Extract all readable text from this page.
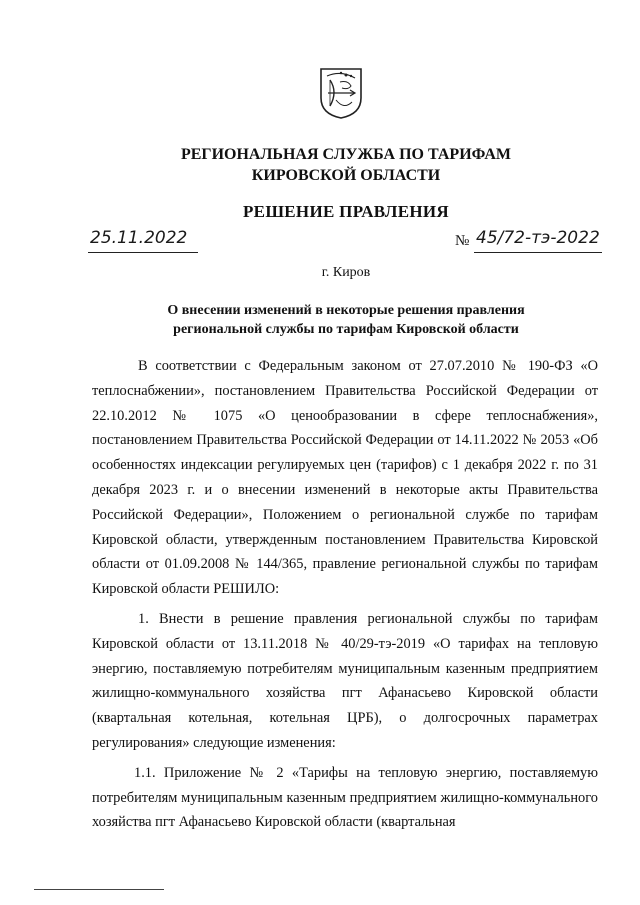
РЕГИОНАЛЬНАЯ СЛУЖБА ПО ТАРИФАМ
КИРОВСКОЙ ОБЛАСТИ
РЕШЕНИЕ ПРАВЛЕНИЯ
25.11.2022	№ 45/72-тэ-2022
г. Киров
О внесении изменений в некоторые решения правления
региональной службы по тарифам Кировской области

В соответствии с Федеральным законом от 27.07.2010 № 190-ФЗ «О теплоснабжении», постановлением Правительства Российской Федерации от 22.10.2012 № 1075 «О ценообразовании в сфере теплоснабжения», постановлением Правительства Российской Федерации от 14.11.2022 № 2053 «Об особенностях индексации регулируемых цен (тарифов) с 1 декабря 2022 г. по 31 декабря 2023 г. и о внесении изменений в некоторые акты Правительства Российской Федерации», Положением о региональной службе по тарифам Кировской области, утвержденным постановлением Правительства Кировской области от 01.09.2008 № 144/365, правление региональной службы по тарифам Кировской области РЕШИЛО:

1. Внести в решение правления региональной службы по тарифам Кировской области от 13.11.2018 № 40/29-тэ-2019 «О тарифах на тепловую энергию, поставляемую потребителям муниципальным казенным предприятием жилищно-коммунального хозяйства пгт Афанасьево Кировской области (квартальная котельная, котельная ЦРБ), о долгосрочных параметрах регулирования» следующие изменения:

1.1. Приложение № 2 «Тарифы на тепловую энергию, поставляемую потребителям муниципальным казенным предприятием жилищно-коммунального хозяйства пгт Афанасьево Кировской области (квартальная
